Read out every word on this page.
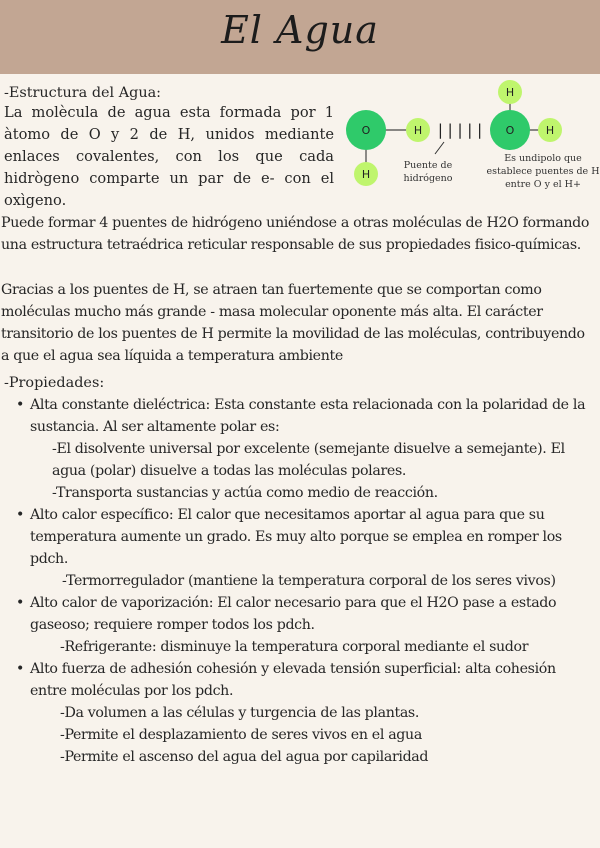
El Agua

-Estructura del Agua:

La molècula de agua esta formada por 1 àtomo de O y 2 de H, unidos mediante enlaces covalentes, con los que cada hidrògeno comparte un par de e- con el oxìgeno.

O	H
H
O
H
H
| | | | |
Puente de
hidrógeno
Es undipolo que
establece puentes de H
entre O y el H+

Puede formar 4 puentes de hidrógeno uniéndose a otras moléculas de H2O formando una estructura tetraédrica reticular responsable de sus propiedades fisico-químicas.

Gracias a los puentes de H, se atraen tan fuertemente que se comportan como moléculas mucho más grande - masa molecular oponente más alta. El carácter transitorio de los puentes de H permite la movilidad de las moléculas, contribuyendo a que el agua sea líquida a temperatura ambiente

-Propiedades:

• Alta constante dieléctrica: Esta constante esta relacionada con la polaridad de la sustancia. Al ser altamente polar es:
-El disolvente universal por excelente (semejante disuelve a semejante). El agua (polar) disuelve a todas las moléculas polares.
-Transporta sustancias y actúa como medio de reacción.
• Alto calor específico: El calor que necesitamos aportar al agua para que su temperatura aumente un grado. Es muy alto porque se emplea en romper los pdch.
-Termorregulador (mantiene la temperatura corporal de los seres vivos)
• Alto calor de vaporización: El calor necesario para que el H2O pase a estado gaseoso; requiere romper todos los pdch.
-Refrigerante: disminuye la temperatura corporal mediante el sudor
• Alto fuerza de adhesión cohesión y elevada tensión superficial: alta cohesión entre moléculas por los pdch.
-Da volumen a las células y turgencia de las plantas.
-Permite el desplazamiento de seres vivos en el agua
-Permite el ascenso del agua del agua por capilaridad
